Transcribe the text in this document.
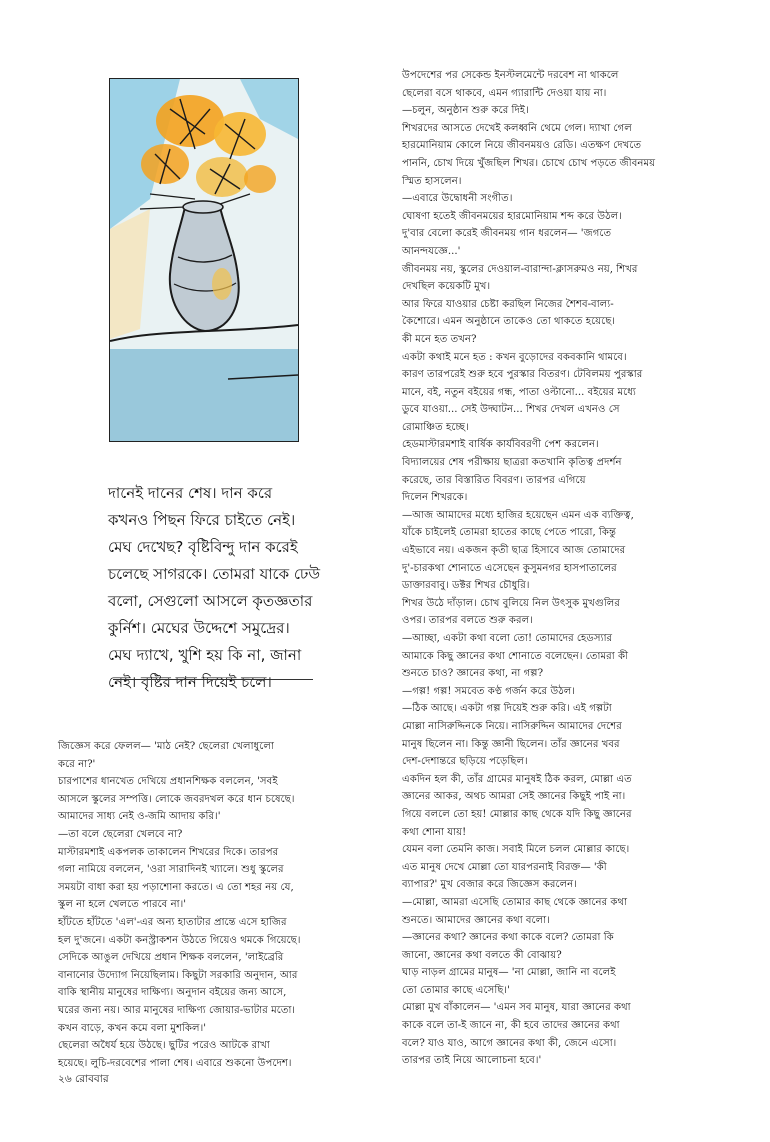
দানেই দানের শেষ। দান করে
কখনও পিছন ফিরে চাইতে নেই।
মেঘ দেখেছ? বৃষ্টিবিন্দু দান করেই
চলেছে সাগরকে। তোমরা যাকে ঢেউ
বলো, সেগুলো আসলে কৃতজ্ঞতার
কুর্নিশ। মেঘের উদ্দেশে সমুদ্রের।
মেঘ দ্যাখে, খুশি হয় কি না, জানা
নেই। বৃষ্টির দান দিয়েই চলে।

জিজ্ঞেস করে ফেলল— 'মাঠ নেই? ছেলেরা খেলাধুলো

করে না?'

চারপাশের ধানখেত দেখিয়ে প্রধানশিক্ষক বললেন, 'সবই

আসলে স্কুলের সম্পত্তি। লোকে জবরদখল করে ধান চষেছে।

আমাদের সাধ্য নেই ও-জমি আদায় করি।'

—তা বলে ছেলেরা খেলবে না?

মাস্টারমশাই একপলক তাকালেন শিখরের দিকে। তারপর

গলা নামিয়ে বললেন, 'ওরা সারাদিনই খ্যালে। শুধু স্কুলের

সময়টা বাধা করা হয় পড়াশোনা করতে। এ তো শহর নয় যে,

স্কুল না হলে খেলতে পারবে না।'

হাঁটতে হাঁটতে 'এল'-এর অন্য হাতাটার প্রান্তে এসে হাজির

হল দু'জনে। একটা কনস্ট্রাকশন উঠতে গিয়েও থমকে গিয়েছে।

সেদিকে আঙুল দেখিয়ে প্রধান শিক্ষক বললেন, 'লাইব্রেরি

বানানোর উদ্যোগ নিয়েছিলাম। কিছুটা সরকারি অনুদান, আর

বাকি স্থানীয় মানুষের দাক্ষিণ্য। অনুদান বইয়ের জন্য আসে,

ঘরের জন্য নয়। আর মানুষের দাক্ষিণ্য জোয়ার-ভাটার মতো।

কখন বাড়ে, কখন কমে বলা মুশকিল।'

ছেলেরা অধৈর্য হয়ে উঠছে। ছুটির পরেও আটকে রাখা

হয়েছে। লুচি-দরবেশের পালা শেষ। এবারে শুকনো উপদেশ।

উপদেশের পর সেকেন্ড ইনস্টলমেন্টে দরবেশ না থাকলে

ছেলেরা বসে থাকবে, এমন গ্যারান্টি দেওয়া যায় না।

—চলুন, অনুষ্ঠান শুরু করে দিই।

শিখরদের আসতে দেখেই কলধ্বনি থেমে গেল। দ্যাখা গেল

হারমোনিয়াম কোলে নিয়ে জীবনময়ও রেডি। এতক্ষণ দেখতে

পাননি, চোখ দিয়ে খুঁজছিল শিখর। চোখে চোখ পড়তে জীবনময়

স্মিত হাসলেন।

—এবারে উদ্বোধনী সংগীত।

ঘোষণা হতেই জীবনময়ের হারমোনিয়াম শব্দ করে উঠল।

দু'বার বেলো করেই জীবনময় গান ধরলেন— 'জগতে

আনন্দযজ্ঞে...'

জীবনময় নয়, স্কুলের দেওয়াল-বারান্দা-ক্লাসরুমও নয়, শিখর

দেখছিল কয়েকটি মুখ।

আর ফিরে যাওয়ার চেষ্টা করছিল নিজের শৈশব-বাল্য-

কৈশোরে। এমন অনুষ্ঠানে তাকেও তো থাকতে হয়েছে।

কী মনে হত তখন?

একটা কথাই মনে হত : কখন বুড়োদের বকবকানি থামবে।

কারণ তারপরেই শুরু হবে পুরস্কার বিতরণ। টেবিলময় পুরস্কার

মানে, বই, নতুন বইয়ের গন্ধ, পাতা ওল্টানো... বইয়ের মধ্যে

ডুবে যাওয়া... সেই উদ্ঘাটন... শিখর দেখল এখনও সে

রোমাঞ্চিত হচ্ছে।

হেডমাস্টারমশাই বার্ষিক কার্যবিবরণী পেশ করলেন।

বিদ্যালয়ের শেষ পরীক্ষায় ছাত্ররা কতখানি কৃতিত্ব প্রদর্শন

করেছে, তার বিস্তারিত বিবরণ। তারপর এগিয়ে

দিলেন শিখরকে।

—আজ আমাদের মধ্যে হাজির হয়েছেন এমন এক ব্যক্তিত্ব,

যাঁকে চাইলেই তোমরা হাতের কাছে পেতে পারো, কিন্তু

এইভাবে নয়। একজন কৃতী ছাত্র হিসাবে আজ তোমাদের

দু'-চারকথা শোনাতে এসেছেন কুসুমনগর হাসপাতালের

ডাক্তারবাবু। ডক্টর শিখর চৌধুরি।

শিখর উঠে দাঁড়াল। চোখ বুলিয়ে নিল উৎসুক মুখগুলির

ওপর। তারপর বলতে শুরু করল।

—আচ্ছা, একটা কথা বলো তো! তোমাদের হেডস্যার

আমাকে কিছু জ্ঞানের কথা শোনাতে বলেছেন। তোমরা কী

শুনতে চাও? জ্ঞানের কথা, না গল্প?

—গল্প! গল্প! সমবেত কণ্ঠ গর্জন করে উঠল।

—ঠিক আছে। একটা গল্প দিয়েই শুরু করি। এই গল্পটা

মোল্লা নাসিরুদ্দিনকে নিয়ে। নাসিরুদ্দিন আমাদের দেশের

মানুষ ছিলেন না। কিন্তু জ্ঞানী ছিলেন। তাঁর জ্ঞানের খবর

দেশ-দেশান্তরে ছড়িয়ে পড়েছিল।

একদিন হল কী, তাঁর গ্রামের মানুষই ঠিক করল, মোল্লা এত

জ্ঞানের আকর, অথচ আমরা সেই জ্ঞানের কিছুই পাই না।

গিয়ে বললে তো হয়! মোল্লার কাছ থেকে যদি কিছু জ্ঞানের

কথা শোনা যায়!

যেমন বলা তেমনি কাজ। সবাই মিলে চলল মোল্লার কাছে।

এত মানুষ দেখে মোল্লা তো যারপরনাই বিরক্ত— 'কী

ব্যাপার?' মুখ বেজার করে জিজ্ঞেস করলেন।

—মোল্লা, আমরা এসেছি তোমার কাছ থেকে জ্ঞানের কথা

শুনতে। আমাদের জ্ঞানের কথা বলো।

—জ্ঞানের কথা? জ্ঞানের কথা কাকে বলে? তোমরা কি

জানো, জ্ঞানের কথা বলতে কী বোঝায়?

ঘাড় নাড়ল গ্রামের মানুষ— 'না মোল্লা, জানি না বলেই

তো তোমার কাছে এসেছি।'

মোল্লা মুখ বাঁকালেন— 'এমন সব মানুষ, যারা জ্ঞানের কথা

কাকে বলে তা-ই জানে না, কী হবে তাদের জ্ঞানের কথা

বলে? যাও যাও, আগে জ্ঞানের কথা কী, জেনে এসো।

তারপর তাই নিয়ে আলোচনা হবে।'

২৬ রোববার
